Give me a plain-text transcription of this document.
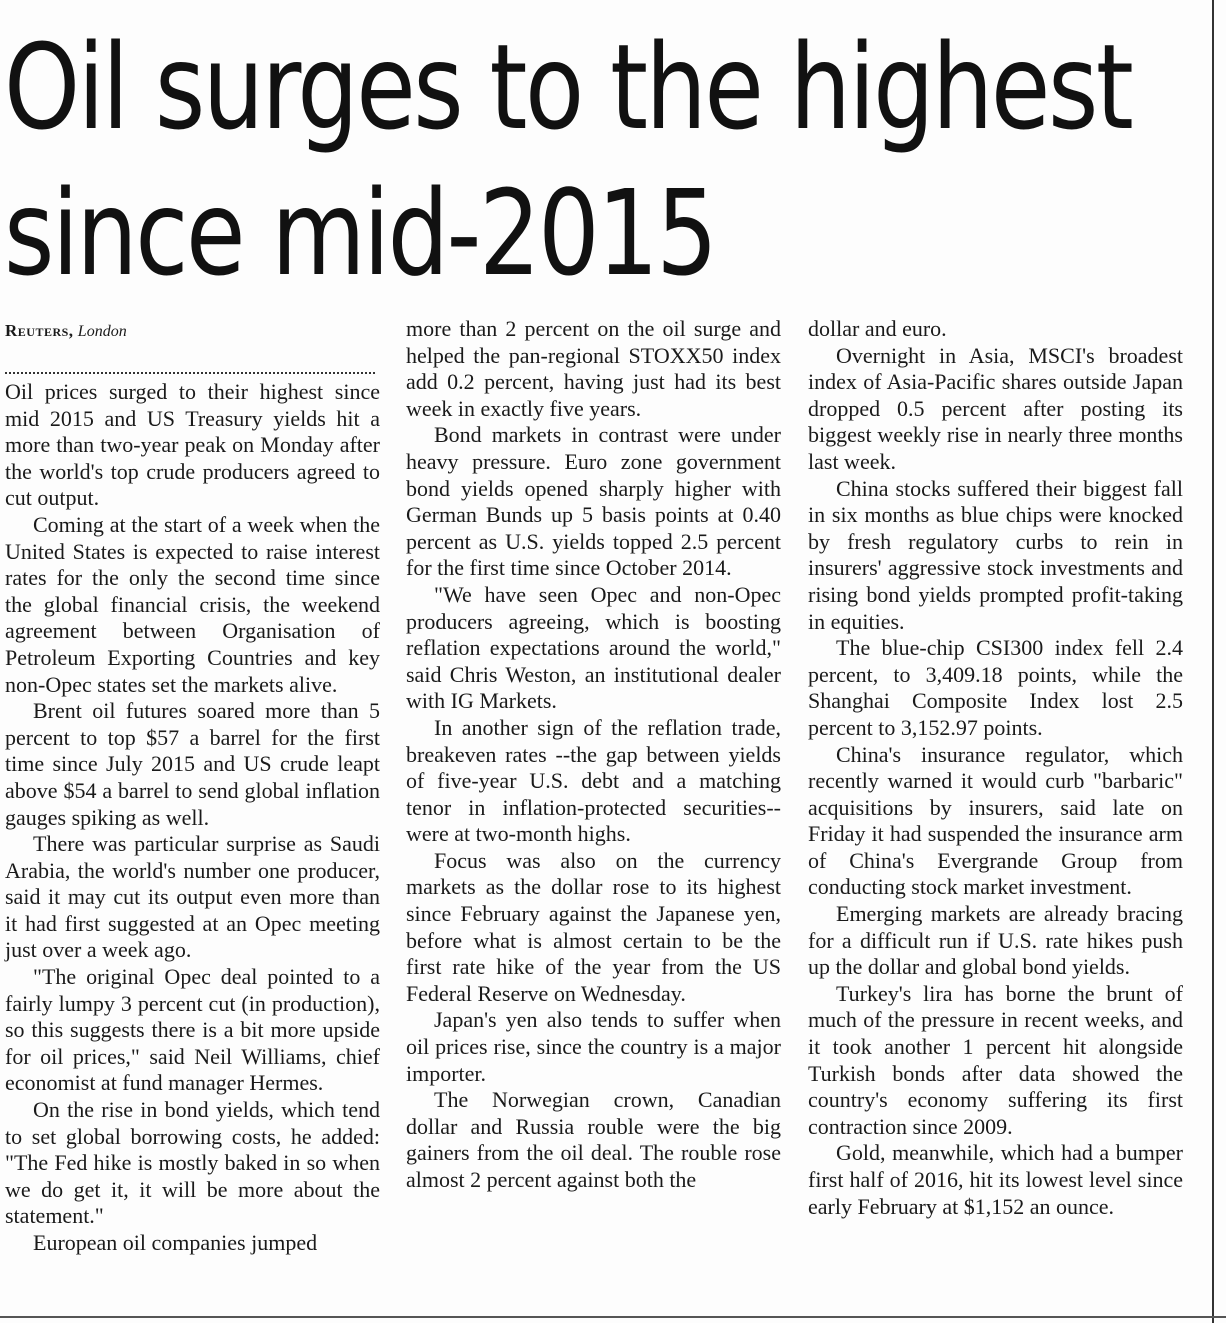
Oil surges to the highest
since mid-2015

Reuters, London

Oil prices surged to their highest since mid 2015 and US Treasury yields hit a more than two-year peak on Monday after the world's top crude producers agreed to cut output.

Coming at the start of a week when the United States is expected to raise interest rates for the only the second time since the global financial crisis, the weekend agreement between Organisation of Petroleum Exporting Countries and key non-Opec states set the markets alive.

Brent oil futures soared more than 5 percent to top $57 a barrel for the first time since July 2015 and US crude leapt above $54 a barrel to send global inflation gauges spiking as well.

There was particular surprise as Saudi Arabia, the world's number one producer, said it may cut its output even more than it had first suggested at an Opec meeting just over a week ago.

"The original Opec deal pointed to a fairly lumpy 3 percent cut (in production), so this suggests there is a bit more upside for oil prices," said Neil Williams, chief economist at fund manager Hermes.

On the rise in bond yields, which tend to set global borrowing costs, he added: "The Fed hike is mostly baked in so when we do get it, it will be more about the statement."

European oil companies jumped

more than 2 percent on the oil surge and helped the pan-regional STOXX50 index add 0.2 percent, having just had its best week in exactly five years.

Bond markets in contrast were under heavy pressure. Euro zone government bond yields opened sharply higher with German Bunds up 5 basis points at 0.40 percent as U.S. yields topped 2.5 percent for the first time since October 2014.

"We have seen Opec and non-Opec producers agreeing, which is boosting reflation expectations around the world," said Chris Weston, an institutional dealer with IG Markets.

In another sign of the reflation trade, breakeven rates --the gap between yields of five-year U.S. debt and a matching tenor in inflation-protected securities-- were at two-month highs.

Focus was also on the currency markets as the dollar rose to its highest since February against the Japanese yen, before what is almost certain to be the first rate hike of the year from the US Federal Reserve on Wednesday.

Japan's yen also tends to suffer when oil prices rise, since the country is a major importer.

The Norwegian crown, Canadian dollar and Russia rouble were the big gainers from the oil deal. The rouble rose almost 2 percent against both the

dollar and euro.

Overnight in Asia, MSCI's broadest index of Asia-Pacific shares outside Japan dropped 0.5 percent after posting its biggest weekly rise in nearly three months last week.

China stocks suffered their biggest fall in six months as blue chips were knocked by fresh regulatory curbs to rein in insurers' aggressive stock investments and rising bond yields prompted profit-taking in equities.

The blue-chip CSI300 index fell 2.4 percent, to 3,409.18 points, while the Shanghai Composite Index lost 2.5 percent to 3,152.97 points.

China's insurance regulator, which recently warned it would curb "barbaric" acquisitions by insurers, said late on Friday it had suspended the insurance arm of China's Evergrande Group from conducting stock market investment.

Emerging markets are already bracing for a difficult run if U.S. rate hikes push up the dollar and global bond yields.

Turkey's lira has borne the brunt of much of the pressure in recent weeks, and it took another 1 percent hit alongside Turkish bonds after data showed the country's economy suffering its first contraction since 2009.

Gold, meanwhile, which had a bumper first half of 2016, hit its lowest level since early February at $1,152 an ounce.
